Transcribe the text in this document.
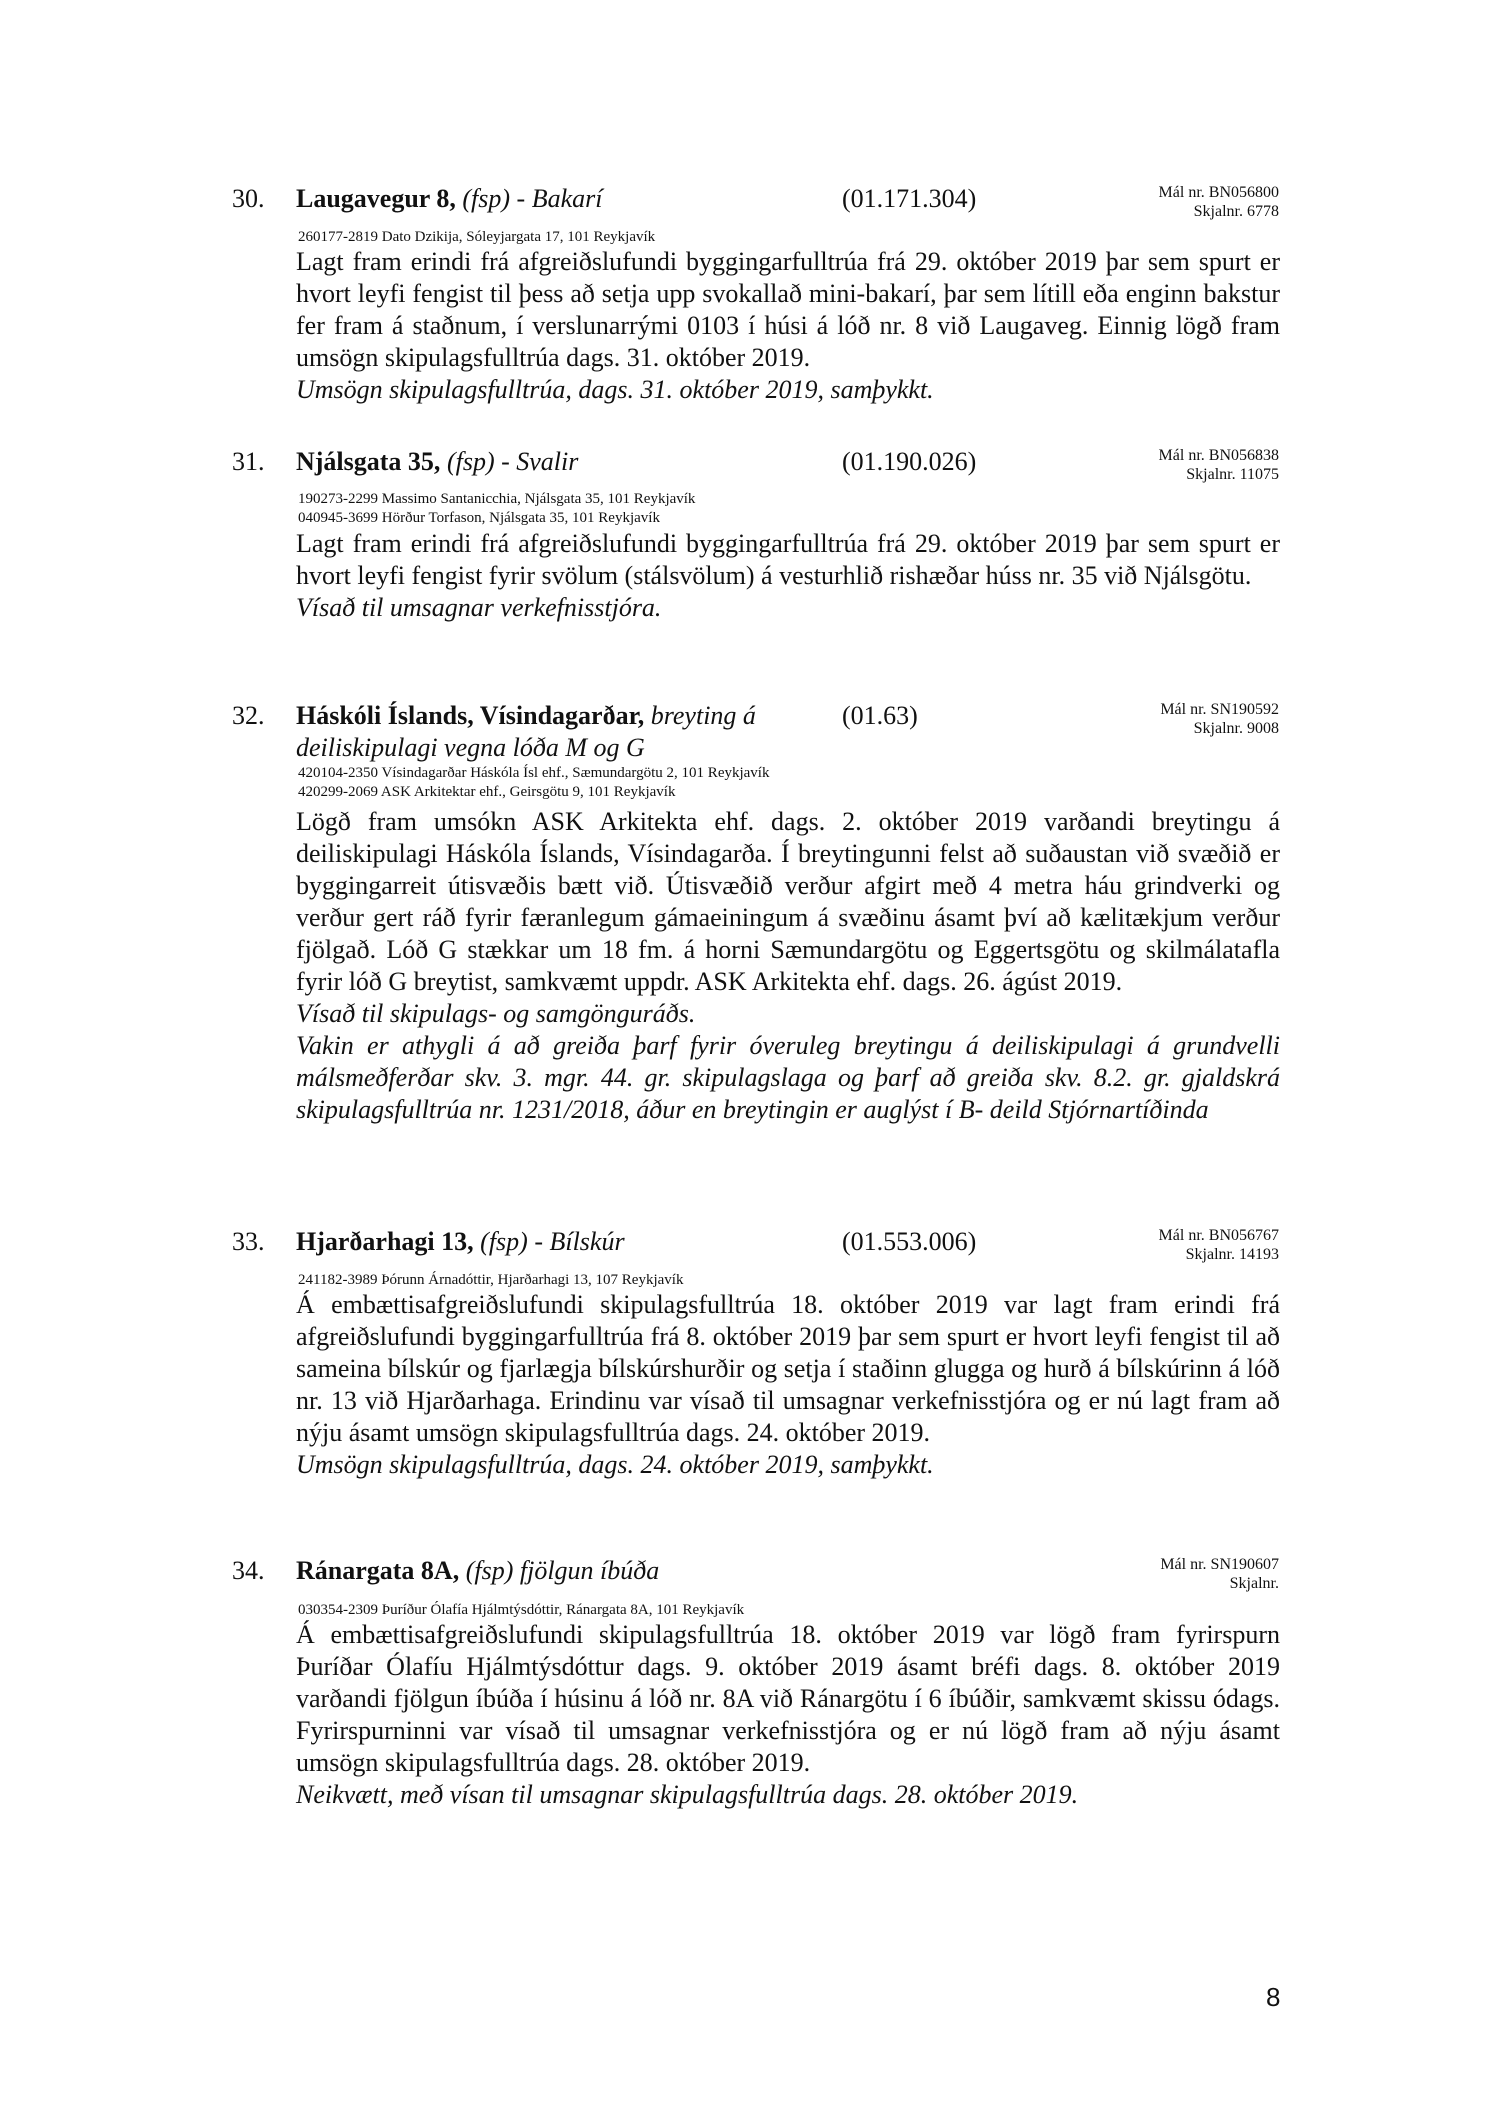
30. Laugavegur 8, (fsp) - Bakarí	(01.171.304)	Mál nr. BN056800
Skjalnr. 6778
260177-2819 Dato Dzikija, Sóleyjargata 17, 101 Reykjavík

Lagt fram erindi frá afgreiðslufundi byggingarfulltrúa frá 29. október 2019 þar sem spurt er hvort leyfi fengist til þess að setja upp svokallað mini-bakarí, þar sem lítill eða enginn bakstur fer fram á staðnum, í verslunarrými 0103 í húsi á lóð nr. 8 við Laugaveg. Einnig lögð fram umsögn skipulagsfulltrúa dags. 31. október 2019.

Umsögn skipulagsfulltrúa, dags. 31. október 2019, samþykkt.

31. Njálsgata 35, (fsp) - Svalir	(01.190.026)	Mál nr. BN056838
Skjalnr. 11075
190273-2299 Massimo Santanicchia, Njálsgata 35, 101 Reykjavík
040945-3699 Hörður Torfason, Njálsgata 35, 101 Reykjavík

Lagt fram erindi frá afgreiðslufundi byggingarfulltrúa frá 29. október 2019 þar sem spurt er hvort leyfi fengist fyrir svölum (stálsvölum) á vesturhlið rishæðar húss nr. 35 við Njálsgötu.

Vísað til umsagnar verkefnisstjóra.

32. Háskóli Íslands, Vísindagarðar, breyting á deiliskipulagi vegna lóða M og G
(01.63)	Mál nr. SN190592
Skjalnr. 9008
420104-2350 Vísindagarðar Háskóla Ísl ehf., Sæmundargötu 2, 101 Reykjavík
420299-2069 ASK Arkitektar ehf., Geirsgötu 9, 101 Reykjavík

Lögð fram umsókn ASK Arkitekta ehf. dags. 2. október 2019 varðandi breytingu á deiliskipulagi Háskóla Íslands, Vísindagarða. Í breytingunni felst að suðaustan við svæðið er byggingarreit útisvæðis bætt við. Útisvæðið verður afgirt með 4 metra háu grindverki og verður gert ráð fyrir færanlegum gámaeiningum á svæðinu ásamt því að kælitækjum verður fjölgað. Lóð G stækkar um 18 fm. á horni Sæmundargötu og Eggertsgötu og skilmálatafla fyrir lóð G breytist, samkvæmt uppdr. ASK Arkitekta ehf. dags. 26. ágúst 2019.

Vísað til skipulags- og samgönguráðs.

Vakin er athygli á að greiða þarf fyrir óveruleg breytingu á deiliskipulagi á grundvelli málsmeðferðar skv. 3. mgr. 44. gr. skipulagslaga og þarf að greiða skv. 8.2. gr. gjaldskrá skipulagsfulltrúa nr. 1231/2018, áður en breytingin er auglýst í B- deild Stjórnartíðinda

33. Hjarðarhagi 13, (fsp) - Bílskúr	(01.553.006)	Mál nr. BN056767
Skjalnr. 14193
241182-3989 Þórunn Árnadóttir, Hjarðarhagi 13, 107 Reykjavík

Á embættisafgreiðslufundi skipulagsfulltrúa 18. október 2019 var lagt fram erindi frá afgreiðslufundi byggingarfulltrúa frá 8. október 2019 þar sem spurt er hvort leyfi fengist til að sameina bílskúr og fjarlægja bílskúrshurðir og setja í staðinn glugga og hurð á bílskúrinn á lóð nr. 13 við Hjarðarhaga. Erindinu var vísað til umsagnar verkefnisstjóra og er nú lagt fram að nýju ásamt umsögn skipulagsfulltrúa dags. 24. október 2019.

Umsögn skipulagsfulltrúa, dags. 24. október 2019, samþykkt.

34. Ránargata 8A, (fsp) fjölgun íbúða	Mál nr. SN190607
Skjalnr.
030354-2309 Þuríður Ólafía Hjálmtýsdóttir, Ránargata 8A, 101 Reykjavík

Á embættisafgreiðslufundi skipulagsfulltrúa 18. október 2019 var lögð fram fyrirspurn Þuríðar Ólafíu Hjálmtýsdóttur dags. 9. október 2019 ásamt bréfi dags. 8. október 2019 varðandi fjölgun íbúða í húsinu á lóð nr. 8A við Ránargötu í 6 íbúðir, samkvæmt skissu ódags. Fyrirspurninni var vísað til umsagnar verkefnisstjóra og er nú lögð fram að nýju ásamt umsögn skipulagsfulltrúa dags. 28. október 2019.

Neikvætt, með vísan til umsagnar skipulagsfulltrúa dags. 28. október 2019.

8
